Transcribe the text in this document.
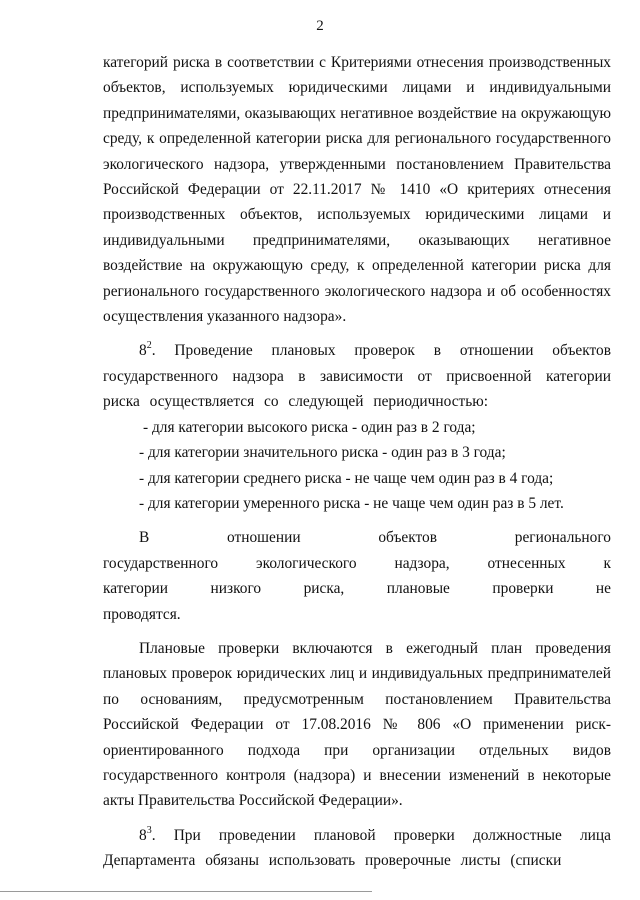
2

категорий риска в соответствии с Критериями отнесения производственных объектов, используемых юридическими лицами и индивидуальными предпринимателями, оказывающих негативное воздействие на окружающую среду, к определенной категории риска для регионального государственного экологического надзора, утвержденными постановлением Правительства Российской Федерации от 22.11.2017 № 1410 «О критериях отнесения производственных объектов, используемых юридическими лицами и индивидуальными предпринимателями, оказывающих негативное воздействие на окружающую среду, к определенной категории риска для регионального государственного экологического надзора и об особенностях осуществления указанного надзора».

$8^2$. Проведение плановых проверок в отношении объектов государственного надзора в зависимости от присвоенной категории риска осуществляется со следующей периодичностью:

- для категории высокого риска - один раз в 2 года;

- для категории значительного риска - один раз в 3 года;

- для категории среднего риска - не чаще чем один раз в 4 года;

- для категории умеренного риска - не чаще чем один раз в 5 лет.

В отношении объектов регионального государственного экологического надзора, отнесенных к категории низкого риска, плановые проверки не проводятся.

Плановые проверки включаются в ежегодный план проведения плановых проверок юридических лиц и индивидуальных предпринимателей по основаниям, предусмотренным постановлением Правительства Российской Федерации от 17.08.2016 № 806 «О применении риск-ориентированного подхода при организации отдельных видов государственного контроля (надзора) и внесении изменений в некоторые акты Правительства Российской Федерации».

$8^3$. При проведении плановой проверки должностные лица Департамента обязаны использовать проверочные листы (списки
